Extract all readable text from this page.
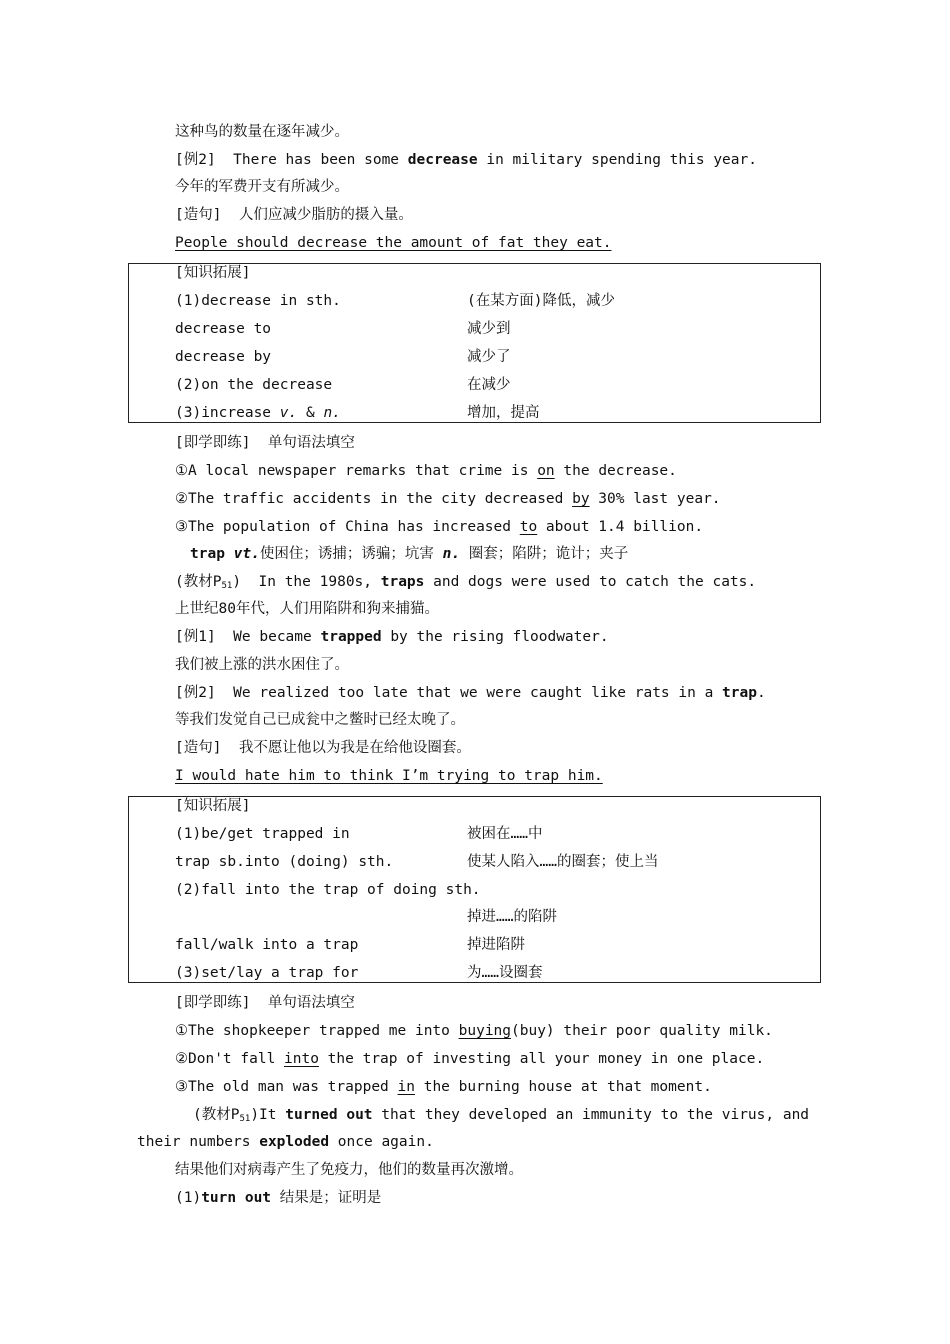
这种鸟的数量在逐年减少。
[例2] There has been some decrease in military spending this year.
今年的军费开支有所减少。
[造句] 人们应减少脂肪的摄入量。
People should decrease the amount of fat they eat.
[知识拓展]
(1)decrease in sth.	(在某方面)降低，减少
decrease to	减少到
decrease by	减少了
(2)on the decrease	在减少
(3)increase v. & n.	增加，提高
[即学即练]  单句语法填空
①A local newspaper remarks that crime is on the decrease.
②The traffic accidents in the city decreased by 30% last year.
③The population of China has increased to about 1.4 billion.
trap vt.使困住；诱捕；诱骗；坑害 n. 圈套；陷阱；诡计；夹子
(教材$P_{51}$) In the 1980s, traps and dogs were used to catch the cats.
上世纪80年代，人们用陷阱和狗来捕猫。
[例1] We became trapped by the rising floodwater.
我们被上涨的洪水困住了。
[例2] We realized too late that we were caught like rats in a trap.
等我们发觉自己已成瓮中之鳖时已经太晚了。
[造句] 我不愿让他以为我是在给他设圈套。
I would hate him to think I’m trying to trap him.
[知识拓展]
(1)be/get trapped in	被困在……中
trap sb.into (doing) sth.	使某人陷入……的圈套；使上当
(2)fall into the trap of doing sth.
掉进……的陷阱
fall/walk into a trap	掉进陷阱
(3)set/lay a trap for	为……设圈套
[即学即练]  单句语法填空
①The shopkeeper trapped me into buying(buy) their poor quality milk.
②Don't fall into the trap of investing all your money in one place.
③The old man was trapped in the burning house at that moment.
(教材$P_{51})It$ turned out that they developed an immunity to the virus, and
their numbers exploded once again.
结果他们对病毒产生了免疫力，他们的数量再次激增。
(1)turn out 结果是；证明是
